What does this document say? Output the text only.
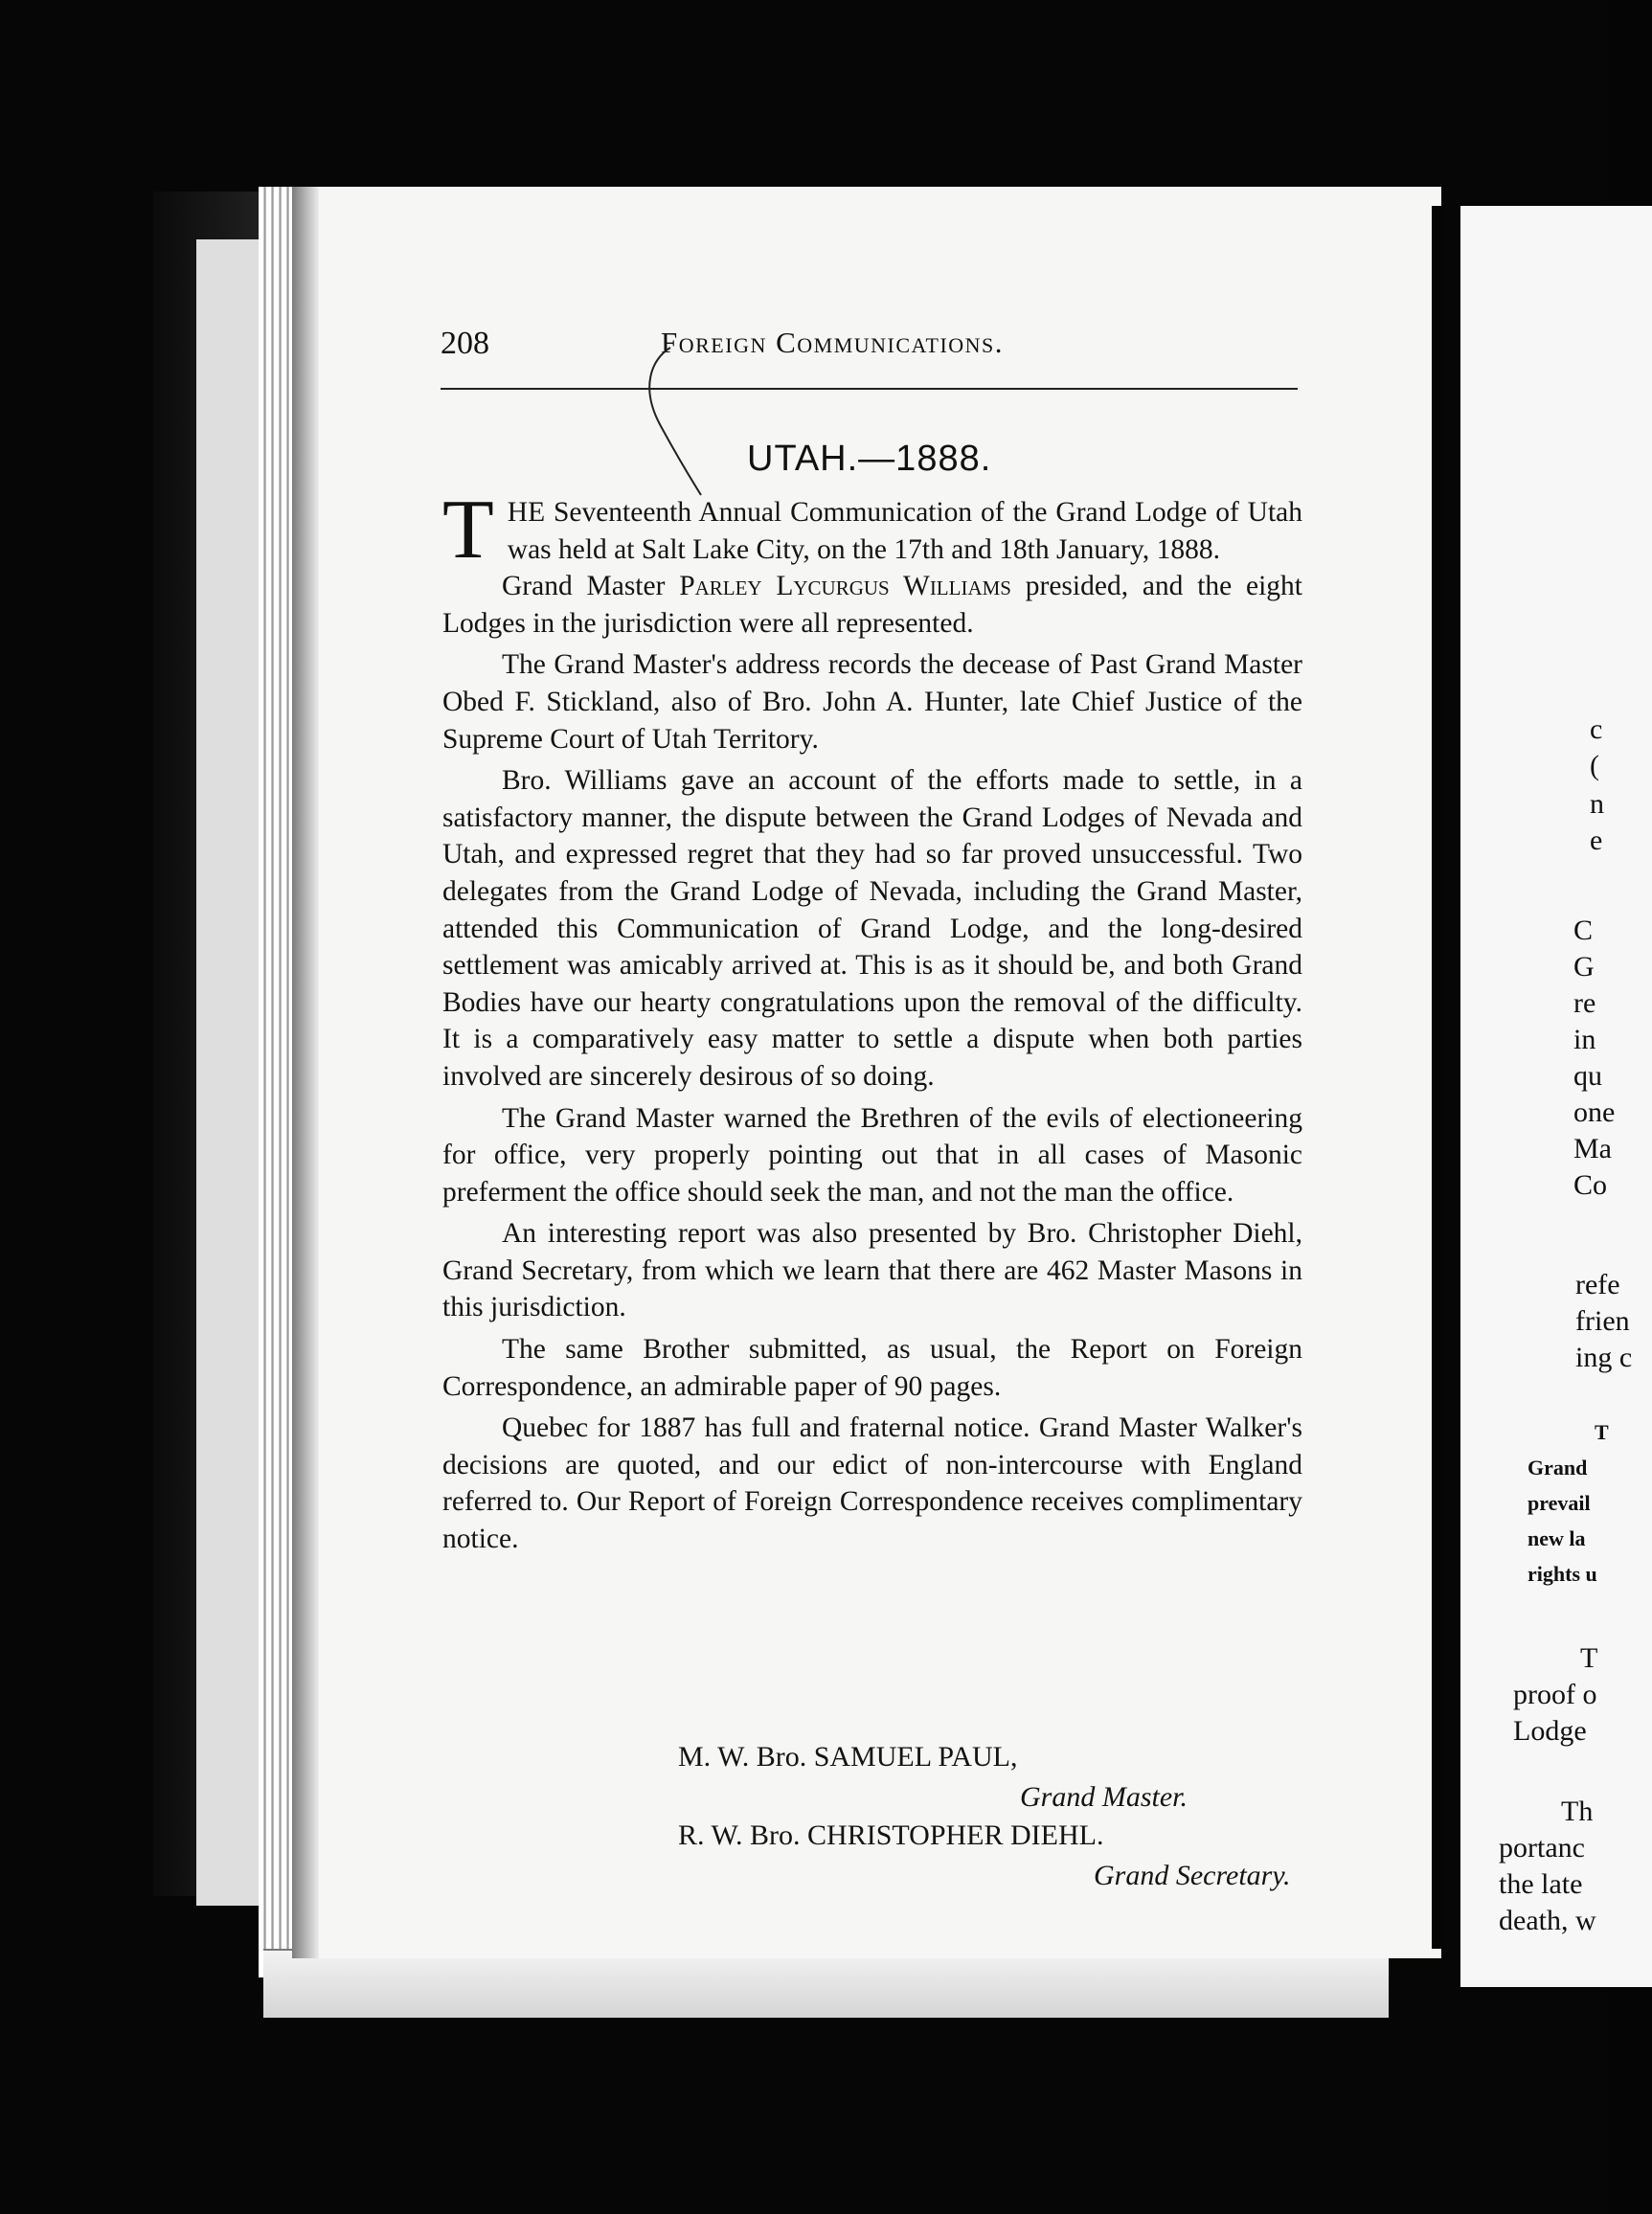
c
(
n
e
C
G
re
in
qu
one
Ma
Co
refe
frien
ing c
T
Grand
prevail
new la
rights u
T
proof o
Lodge
Th
portanc
the late
death, w
208	Foreign Communications.
UTAH.—1888.

THE Seventeenth Annual Communication of the Grand Lodge of Utah was held at Salt Lake City, on the 17th and 18th January, 1888.

Grand Master Parley Lycurgus Williams presided, and the eight Lodges in the jurisdiction were all represented.

The Grand Master's address records the decease of Past Grand Master Obed F. Stickland, also of Bro. John A. Hunter, late Chief Justice of the Supreme Court of Utah Territory.

Bro. Williams gave an account of the efforts made to settle, in a satisfactory manner, the dispute between the Grand Lodges of Nevada and Utah, and expressed regret that they had so far proved unsuccessful. Two delegates from the Grand Lodge of Nevada, including the Grand Master, attended this Communication of Grand Lodge, and the long-desired settlement was amicably arrived at. This is as it should be, and both Grand Bodies have our hearty congratulations upon the removal of the difficulty. It is a comparatively easy matter to settle a dispute when both parties involved are sincerely desirous of so doing.

The Grand Master warned the Brethren of the evils of electioneering for office, very properly pointing out that in all cases of Masonic preferment the office should seek the man, and not the man the office.

An interesting report was also presented by Bro. Christopher Diehl, Grand Secretary, from which we learn that there are 462 Master Masons in this jurisdiction.

The same Brother submitted, as usual, the Report on Foreign Correspondence, an admirable paper of 90 pages.

Quebec for 1887 has full and fraternal notice. Grand Master Walker's decisions are quoted, and our edict of non-intercourse with England referred to. Our Report of Foreign Correspondence receives complimentary notice.

M. W. Bro. SAMUEL PAUL,
Grand Master.
R. W. Bro. CHRISTOPHER DIEHL.
Grand Secretary.
